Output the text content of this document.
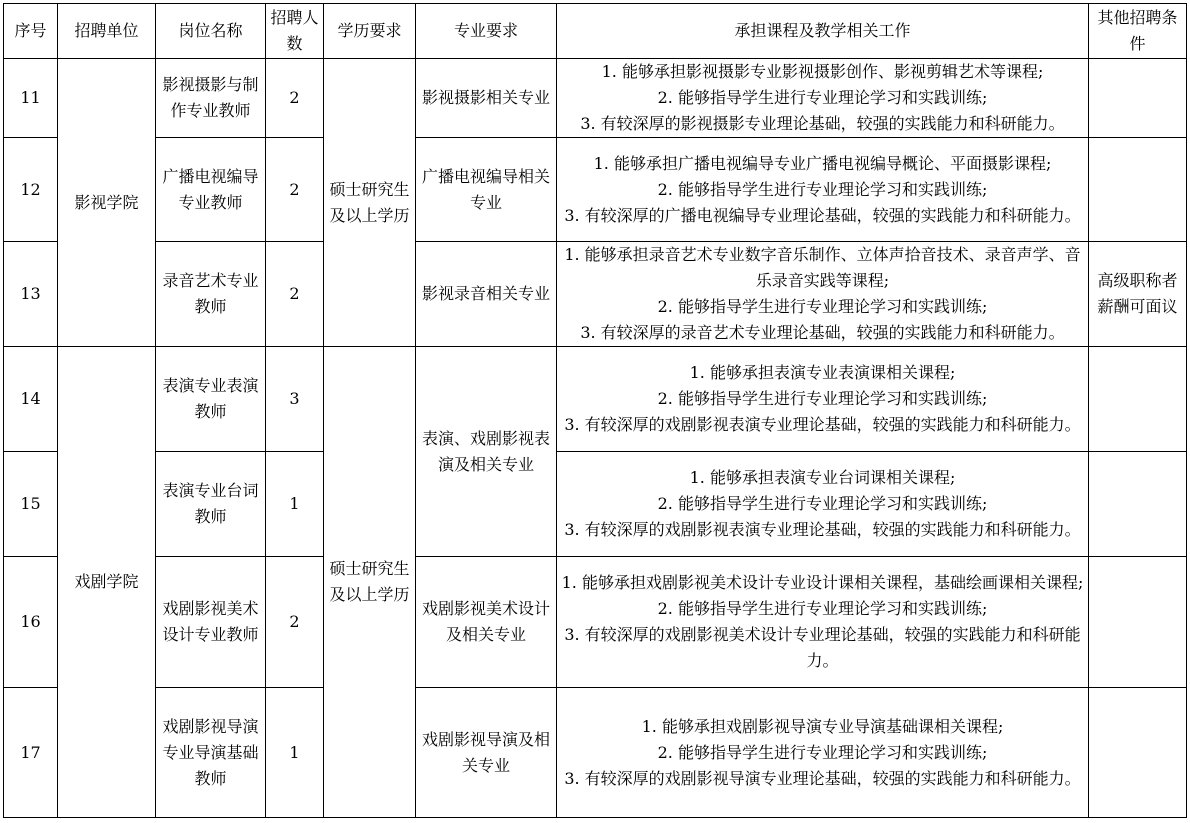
序号	招聘单位	岗位名称	招聘人数	学历要求	专业要求	承担课程及教学相关工作	其他招聘条件
11	影视学院	影视摄影与制作专业教师	2	硕士研究生及以上学历	影视摄影相关专业	1. 能够承担影视摄影专业影视摄影创作、影视剪辑艺术等课程;
2. 能够指导学生进行专业理论学习和实践训练;
3. 有较深厚的影视摄影专业理论基础，较强的实践能力和科研能力。	

12		广播电视编导专业教师	2		广播电视编导相关专业	1. 能够承担广播电视编导专业广播电视编导概论、平面摄影课程;
2. 能够指导学生进行专业理论学习和实践训练;
3. 有较深厚的广播电视编导专业理论基础，较强的实践能力和科研能力。	

13		录音艺术专业教师	2		影视录音相关专业	1. 能够承担录音艺术专业数字音乐制作、立体声拾音技术、录音声学、音乐录音实践等课程;
2. 能够指导学生进行专业理论学习和实践训练;
3. 有较深厚的录音艺术专业理论基础，较强的实践能力和科研能力。	高级职称者薪酬可面议
14	戏剧学院	表演专业表演教师	3	硕士研究生及以上学历	表演、戏剧影视表演及相关专业	1. 能够承担表演专业表演课相关课程;
2. 能够指导学生进行专业理论学习和实践训练;
3. 有较深厚的戏剧影视表演专业理论基础，较强的实践能力和科研能力。	

15		表演专业台词教师	1			1. 能够承担表演专业台词课相关课程;
2. 能够指导学生进行专业理论学习和实践训练;
3. 有较深厚的戏剧影视表演专业理论基础，较强的实践能力和科研能力。	

16		戏剧影视美术设计专业教师	2		戏剧影视美术设计及相关专业	1. 能够承担戏剧影视美术设计专业设计课相关课程，基础绘画课相关课程;
2. 能够指导学生进行专业理论学习和实践训练;
3. 有较深厚的戏剧影视美术设计专业理论基础，较强的实践能力和科研能力。	

17		戏剧影视导演专业导演基础教师	1		戏剧影视导演及相关专业	1. 能够承担戏剧影视导演专业导演基础课相关课程;
2. 能够指导学生进行专业理论学习和实践训练;
3. 有较深厚的戏剧影视导演专业理论基础，较强的实践能力和科研能力。	
